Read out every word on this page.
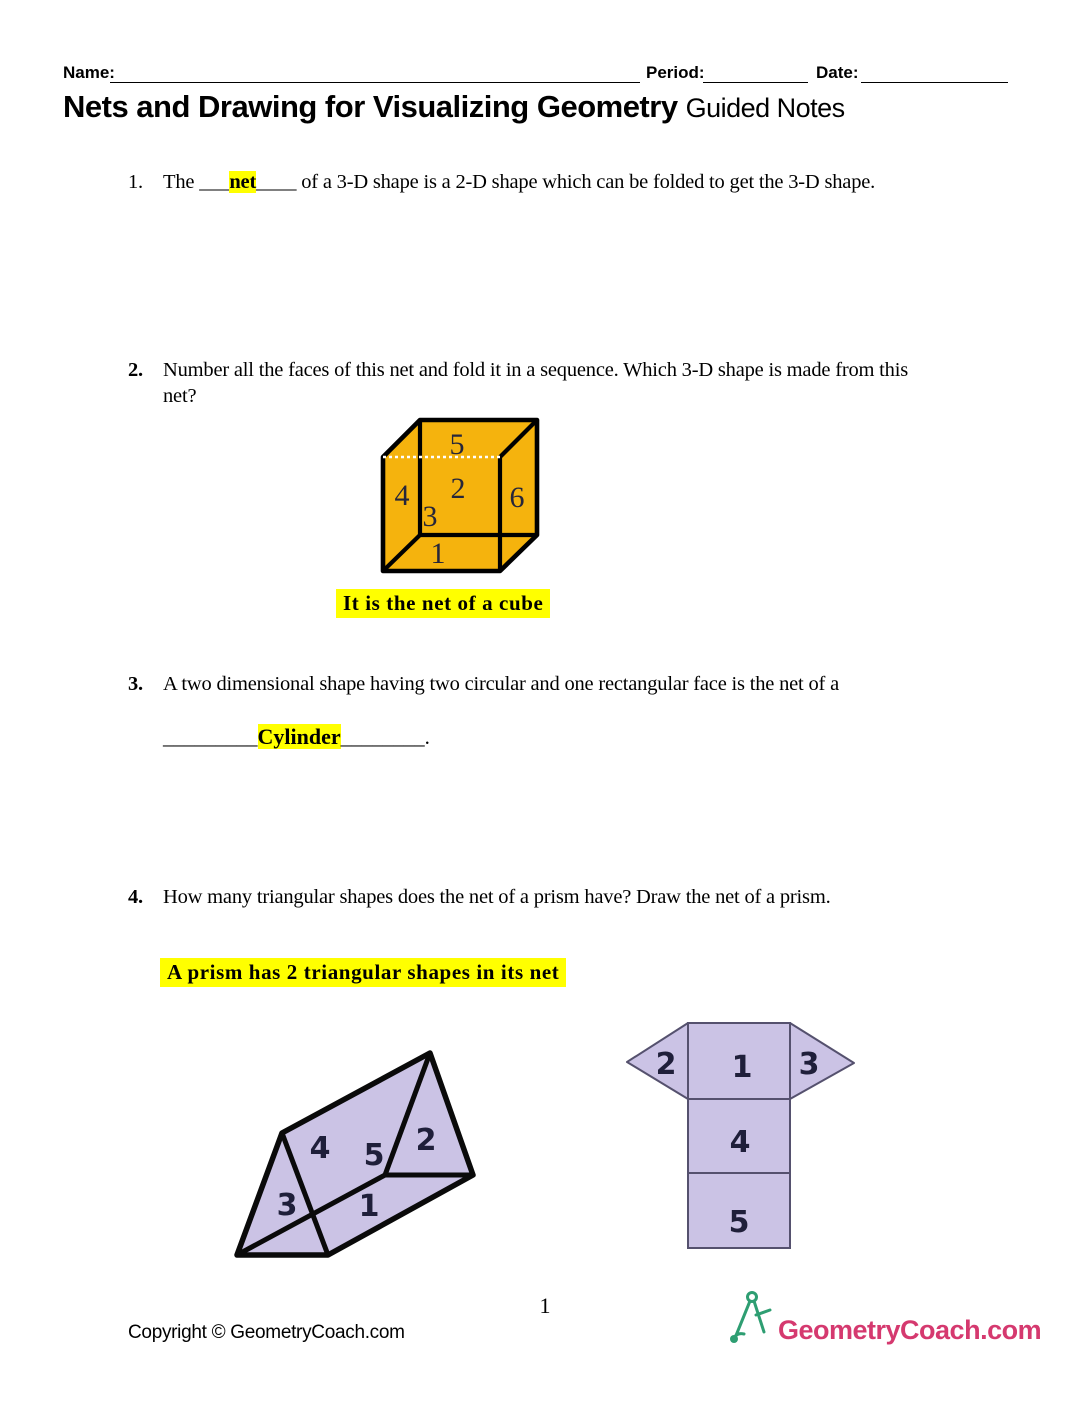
Name:	Period:	Date:
Nets and Drawing for Visualizing Geometry Guided Notes
1. The ___net____ of a 3-D shape is a 2-D shape which can be folded to get the 3-D shape.
2. Number all the faces of this net and fold it in a sequence. Which 3-D shape is made from this
net?
5
2
4
3
6
1
It is the net of a cube
3. A two dimensional shape having two circular and one rectangular face is the net of a
_________Cylinder________.
4. How many triangular shapes does the net of a prism have? Draw the net of a prism.
A prism has 2 triangular shapes in its net
4 5 2
3 1
2 1 3
4
5
1
Copyright © GeometryCoach.com	GeometryCoach.com
